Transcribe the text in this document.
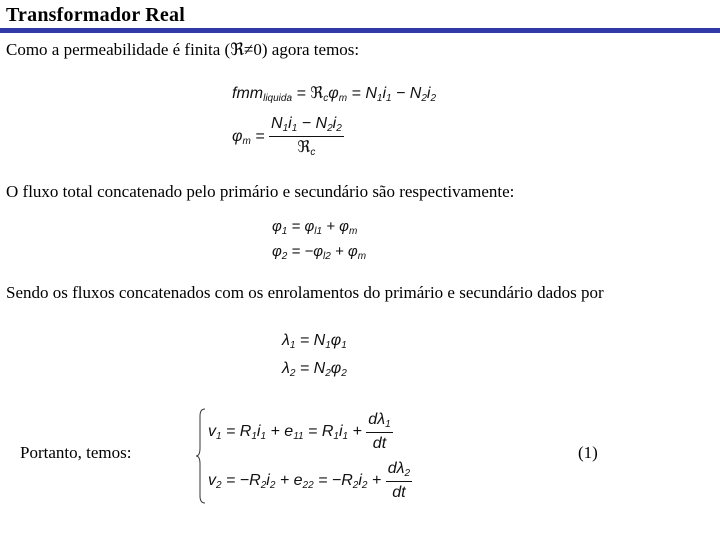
Transformador Real
Como a permeabilidade é finita (ℜ≠0) agora temos:
$fmm_{liquida} = ℜ_c\varphi_m = N_1i_1 - N_2i_2$
$\varphi_m = \frac{N_1i_1 - N_2i_2}{ℜ_c}$
O fluxo total concatenado pelo primário e secundário são respectivamente:
$\varphi_1 = \varphi_{l1} + \varphi_m$
$\varphi_2 = -\varphi_{l2} + \varphi_m$
Sendo os fluxos concatenados com os enrolamentos do primário e secundário dados por
$\lambda_1 = N_1\varphi_1$
$\lambda_2 = N_2\varphi_2$
Portanto, temos:
$v_1 = R_1i_1 + e_{11} = R_1i_1 + \frac{d\lambda_1}{dt}$
$v_2 = -R_2i_2 + e_{22} = -R_2i_2 + \frac{d\lambda_2}{dt}$
(1)
